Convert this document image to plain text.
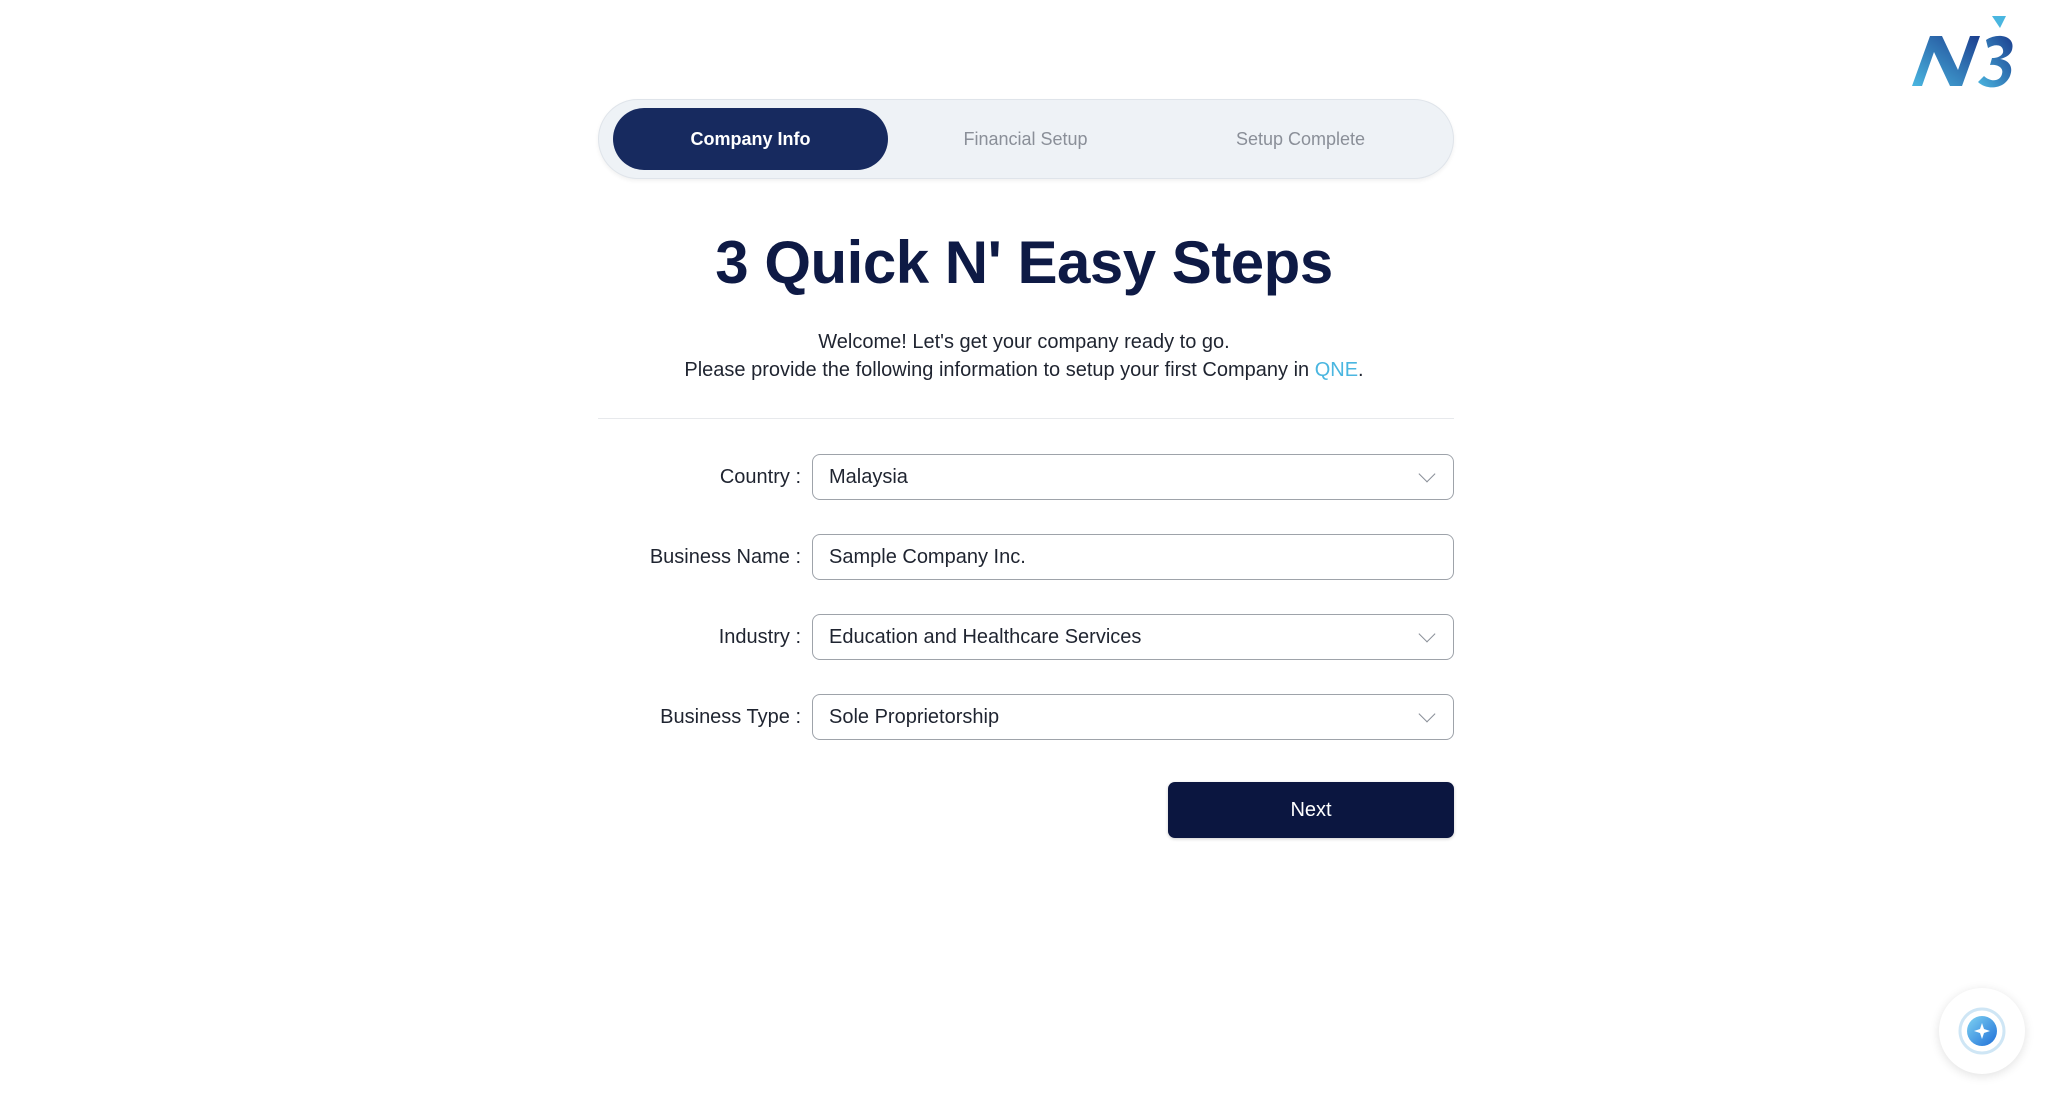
Company Info	Financial Setup	Setup Complete
3 Quick N' Easy Steps
Welcome! Let's get your company ready to go.
Please provide the following information to setup your first Company in QNE.
Country : Malaysia
Business Name :
Sample Company Inc.
Industry : Education and Healthcare Services
Business Type : Sole Proprietorship
Next
